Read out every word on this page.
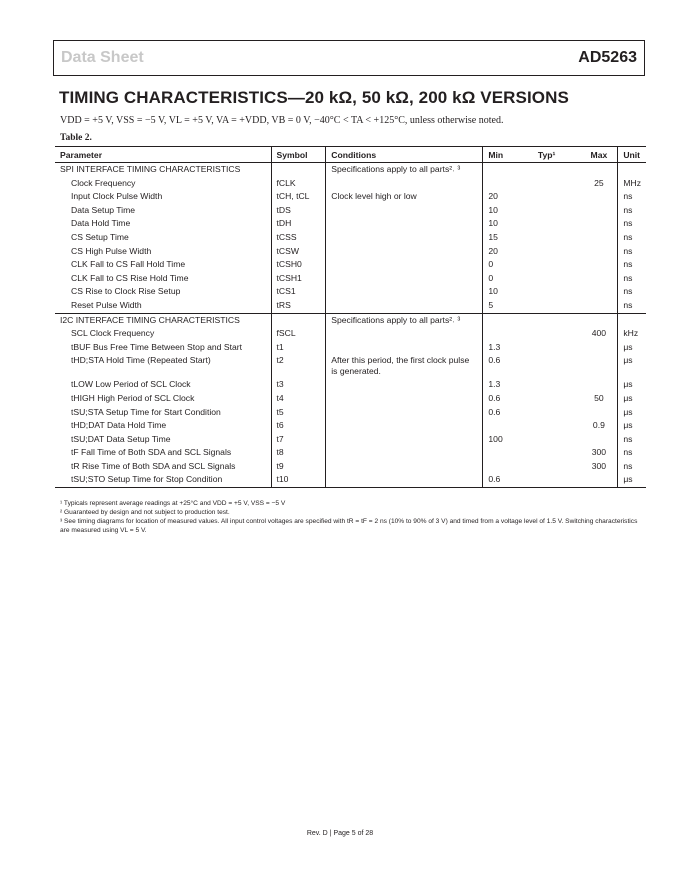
Data Sheet	AD5263
TIMING CHARACTERISTICS—20 kΩ, 50 kΩ, 200 kΩ VERSIONS
VDD = +5 V, VSS = −5 V, VL = +5 V, VA = +VDD, VB = 0 V, −40°C < TA < +125°C, unless otherwise noted.
Table 2.
Parameter	Symbol	Conditions	Min	Typ¹	Max	Unit
SPI INTERFACE TIMING CHARACTERISTICS		Specifications apply to all parts²˒ ³				
Clock Frequency	fCLK				25	MHz
Input Clock Pulse Width	tCH, tCL	Clock level high or low	20			ns
Data Setup Time	tDS		10			ns
Data Hold Time	tDH		10			ns
CS Setup Time	tCSS		15			ns
CS High Pulse Width	tCSW		20			ns
CLK Fall to CS Fall Hold Time	tCSH0		0			ns
CLK Fall to CS Rise Hold Time	tCSH1		0			ns
CS Rise to Clock Rise Setup	tCS1		10			ns
Reset Pulse Width	tRS		5			ns
I2C INTERFACE TIMING CHARACTERISTICS		Specifications apply to all parts²˒ ³				
SCL Clock Frequency	fSCL				400	kHz
tBUF Bus Free Time Between Stop and Start	t1		1.3			μs
tHD;STA Hold Time (Repeated Start)	t2	After this period, the first clock pulse is generated.	0.6			μs
tLOW Low Period of SCL Clock	t3		1.3			μs
tHIGH High Period of SCL Clock	t4		0.6		50	μs
tSU;STA Setup Time for Start Condition	t5		0.6			μs
tHD;DAT Data Hold Time	t6				0.9	μs
tSU;DAT Data Setup Time	t7		100			ns
tF Fall Time of Both SDA and SCL Signals	t8				300	ns
tR Rise Time of Both SDA and SCL Signals	t9				300	ns
tSU;STO Setup Time for Stop Condition	t10		0.6			μs
¹ Typicals represent average readings at +25°C and VDD = +5 V, VSS = −5 V
² Guaranteed by design and not subject to production test.
³ See timing diagrams for location of measured values. All input control voltages are specified with tR = tF = 2 ns (10% to 90% of 3 V) and timed from a voltage level of 1.5 V. Switching characteristics are measured using VL = 5 V.
Rev. D | Page 5 of 28
